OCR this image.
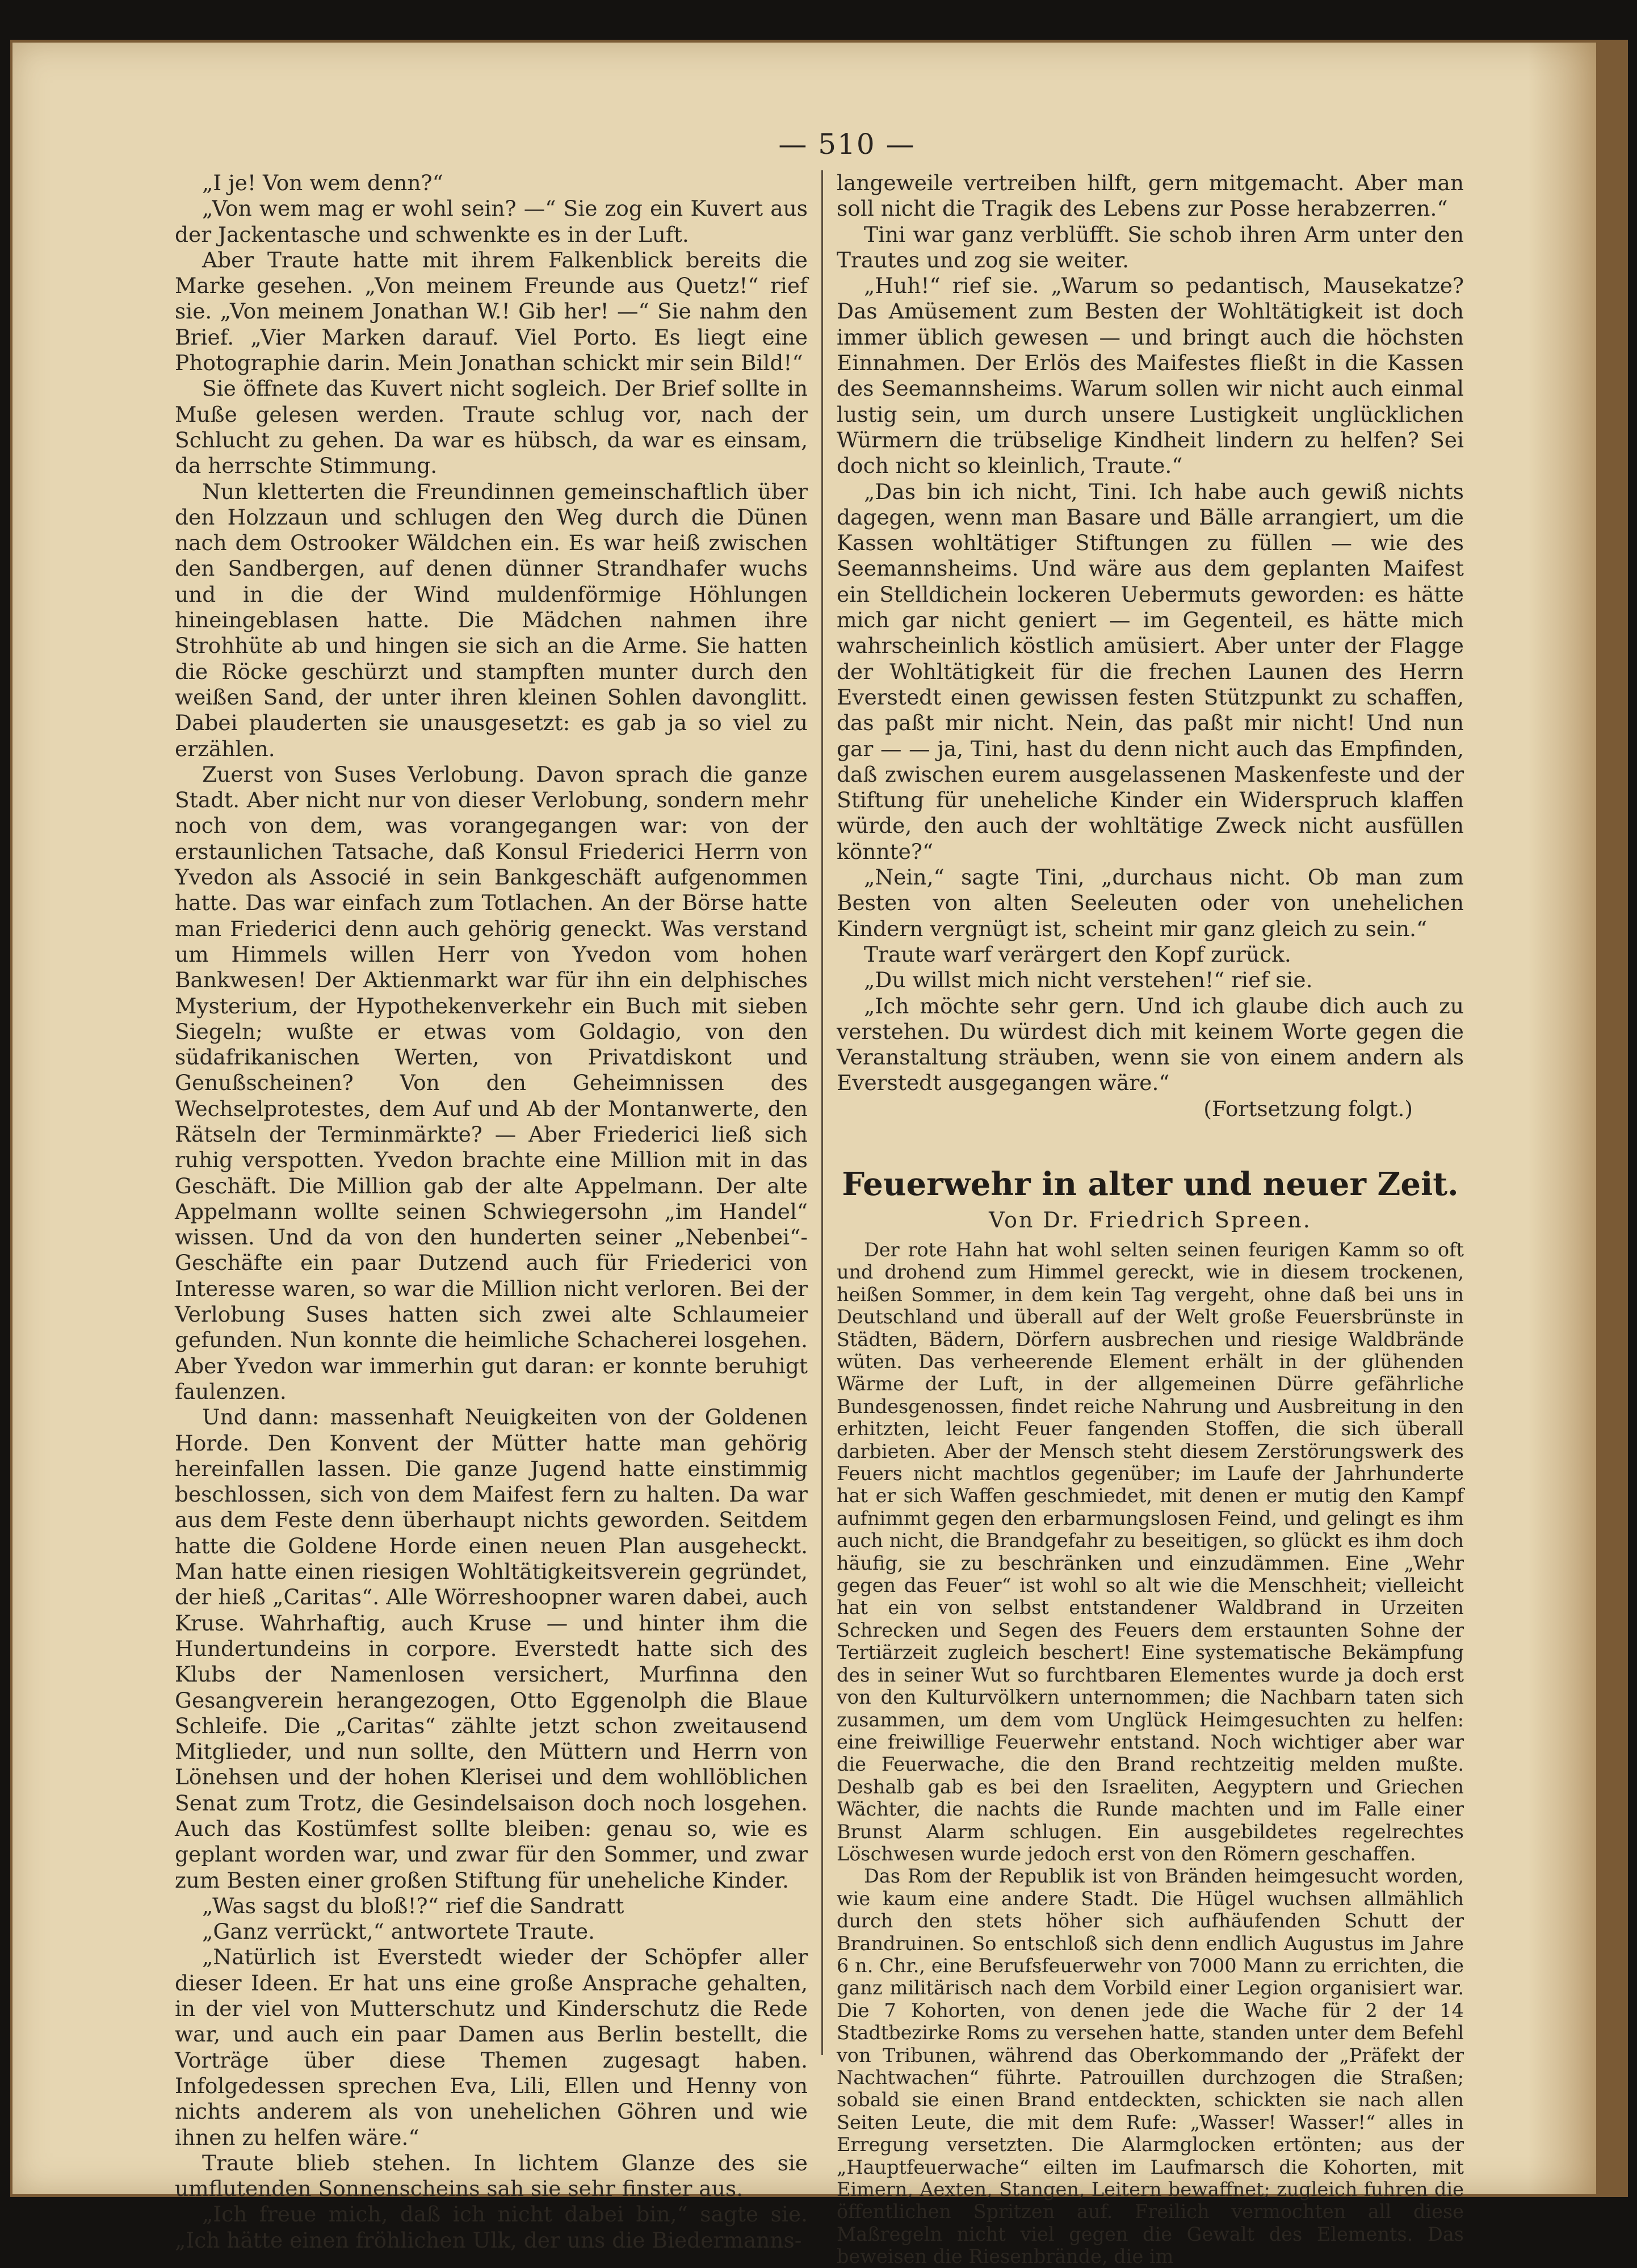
— 510 —

„I je! Von wem denn?“

„Von wem mag er wohl sein? —“ Sie zog ein Kuvert aus der Jackentasche und schwenkte es in der Luft.

Aber Traute hatte mit ihrem Falkenblick bereits die Marke gesehen. „Von meinem Freunde aus Quetz!“ rief sie. „Von meinem Jonathan W.! Gib her! —“ Sie nahm den Brief. „Vier Marken darauf. Viel Porto. Es liegt eine Photographie darin. Mein Jonathan schickt mir sein Bild!“

Sie öffnete das Kuvert nicht sogleich. Der Brief sollte in Muße gelesen werden. Traute schlug vor, nach der Schlucht zu gehen. Da war es hübsch, da war es einsam, da herrschte Stimmung.

Nun kletterten die Freundinnen gemeinschaftlich über den Holzzaun und schlugen den Weg durch die Dünen nach dem Ostrooker Wäldchen ein. Es war heiß zwischen den Sandbergen, auf denen dünner Strandhafer wuchs und in die der Wind muldenförmige Höhlungen hineingeblasen hatte. Die Mädchen nahmen ihre Strohhüte ab und hingen sie sich an die Arme. Sie hatten die Röcke geschürzt und stampften munter durch den weißen Sand, der unter ihren kleinen Sohlen davonglitt. Dabei plauderten sie unausgesetzt: es gab ja so viel zu erzählen.

Zuerst von Suses Verlobung. Davon sprach die ganze Stadt. Aber nicht nur von dieser Verlobung, sondern mehr noch von dem, was vorangegangen war: von der erstaunlichen Tatsache, daß Konsul Friederici Herrn von Yvedon als Associé in sein Bankgeschäft aufgenommen hatte. Das war einfach zum Totlachen. An der Börse hatte man Friederici denn auch gehörig geneckt. Was verstand um Himmels willen Herr von Yvedon vom hohen Bankwesen! Der Aktienmarkt war für ihn ein delphisches Mysterium, der Hypothekenverkehr ein Buch mit sieben Siegeln; wußte er etwas vom Goldagio, von den südafrikanischen Werten, von Privatdiskont und Genußscheinen? Von den Geheimnissen des Wechselprotestes, dem Auf und Ab der Montanwerte, den Rätseln der Terminmärkte? — Aber Friederici ließ sich ruhig verspotten. Yvedon brachte eine Million mit in das Geschäft. Die Million gab der alte Appelmann. Der alte Appelmann wollte seinen Schwiegersohn „im Handel“ wissen. Und da von den hunderten seiner „Nebenbei“-Geschäfte ein paar Dutzend auch für Friederici von Interesse waren, so war die Million nicht verloren. Bei der Verlobung Suses hatten sich zwei alte Schlaumeier gefunden. Nun konnte die heimliche Schacherei losgehen. Aber Yvedon war immerhin gut daran: er konnte beruhigt faulenzen.

Und dann: massenhaft Neuigkeiten von der Goldenen Horde. Den Konvent der Mütter hatte man gehörig hereinfallen lassen. Die ganze Jugend hatte einstimmig beschlossen, sich von dem Maifest fern zu halten. Da war aus dem Feste denn überhaupt nichts geworden. Seitdem hatte die Goldene Horde einen neuen Plan ausgeheckt. Man hatte einen riesigen Wohltätigkeitsverein gegründet, der hieß „Caritas“. Alle Wörreshoopner waren dabei, auch Kruse. Wahrhaftig, auch Kruse — und hinter ihm die Hundertundeins in corpore. Everstedt hatte sich des Klubs der Namenlosen versichert, Murfinna den Gesangverein herangezogen, Otto Eggenolph die Blaue Schleife. Die „Caritas“ zählte jetzt schon zweitausend Mitglieder, und nun sollte, den Müttern und Herrn von Lönehsen und der hohen Klerisei und dem wohllöblichen Senat zum Trotz, die Gesindelsaison doch noch losgehen. Auch das Kostümfest sollte bleiben: genau so, wie es geplant worden war, und zwar für den Sommer, und zwar zum Besten einer großen Stiftung für uneheliche Kinder.

„Was sagst du bloß!?“ rief die Sandratt

„Ganz verrückt,“ antwortete Traute.

„Natürlich ist Everstedt wieder der Schöpfer aller dieser Ideen. Er hat uns eine große Ansprache gehalten, in der viel von Mutterschutz und Kinderschutz die Rede war, und auch ein paar Damen aus Berlin bestellt, die Vorträge über diese Themen zugesagt haben. Infolgedessen sprechen Eva, Lili, Ellen und Henny von nichts anderem als von unehelichen Göhren und wie ihnen zu helfen wäre.“

Traute blieb stehen. In lichtem Glanze des sie umflutenden Sonnenscheins sah sie sehr finster aus.

„Ich freue mich, daß ich nicht dabei bin,“ sagte sie. „Ich hätte einen fröhlichen Ulk, der uns die Biedermanns-

langeweile vertreiben hilft, gern mitgemacht. Aber man soll nicht die Tragik des Lebens zur Posse herabzerren.“

Tini war ganz verblüfft. Sie schob ihren Arm unter den Trautes und zog sie weiter.

„Huh!“ rief sie. „Warum so pedantisch, Mausekatze? Das Amüsement zum Besten der Wohltätigkeit ist doch immer üblich gewesen — und bringt auch die höchsten Einnahmen. Der Erlös des Maifestes fließt in die Kassen des Seemannsheims. Warum sollen wir nicht auch einmal lustig sein, um durch unsere Lustigkeit unglücklichen Würmern die trübselige Kindheit lindern zu helfen? Sei doch nicht so kleinlich, Traute.“

„Das bin ich nicht, Tini. Ich habe auch gewiß nichts dagegen, wenn man Basare und Bälle arrangiert, um die Kassen wohltätiger Stiftungen zu füllen — wie des Seemannsheims. Und wäre aus dem geplanten Maifest ein Stelldichein lockeren Uebermuts geworden: es hätte mich gar nicht geniert — im Gegenteil, es hätte mich wahrscheinlich köstlich amüsiert. Aber unter der Flagge der Wohltätigkeit für die frechen Launen des Herrn Everstedt einen gewissen festen Stützpunkt zu schaffen, das paßt mir nicht. Nein, das paßt mir nicht! Und nun gar — — ja, Tini, hast du denn nicht auch das Empfinden, daß zwischen eurem ausgelassenen Maskenfeste und der Stiftung für uneheliche Kinder ein Widerspruch klaffen würde, den auch der wohltätige Zweck nicht ausfüllen könnte?“

„Nein,“ sagte Tini, „durchaus nicht. Ob man zum Besten von alten Seeleuten oder von unehelichen Kindern vergnügt ist, scheint mir ganz gleich zu sein.“

Traute warf verärgert den Kopf zurück.

„Du willst mich nicht verstehen!“ rief sie.

„Ich möchte sehr gern. Und ich glaube dich auch zu verstehen. Du würdest dich mit keinem Worte gegen die Veranstaltung sträuben, wenn sie von einem andern als Everstedt ausgegangen wäre.“

(Fortsetzung folgt.)

Feuerwehr in alter und neuer Zeit.
Von Dr. Friedrich Spreen.

Der rote Hahn hat wohl selten seinen feurigen Kamm so oft und drohend zum Himmel gereckt, wie in diesem trockenen, heißen Sommer, in dem kein Tag vergeht, ohne daß bei uns in Deutschland und überall auf der Welt große Feuersbrünste in Städten, Bädern, Dörfern ausbrechen und riesige Waldbrände wüten. Das verheerende Element erhält in der glühenden Wärme der Luft, in der allgemeinen Dürre gefährliche Bundesgenossen, findet reiche Nahrung und Ausbreitung in den erhitzten, leicht Feuer fangenden Stoffen, die sich überall darbieten. Aber der Mensch steht diesem Zerstörungswerk des Feuers nicht machtlos gegenüber; im Laufe der Jahrhunderte hat er sich Waffen geschmiedet, mit denen er mutig den Kampf aufnimmt gegen den erbarmungslosen Feind, und gelingt es ihm auch nicht, die Brandgefahr zu beseitigen, so glückt es ihm doch häufig, sie zu beschränken und einzudämmen. Eine „Wehr gegen das Feuer“ ist wohl so alt wie die Menschheit; vielleicht hat ein von selbst entstandener Waldbrand in Urzeiten Schrecken und Segen des Feuers dem erstaunten Sohne der Tertiärzeit zugleich beschert! Eine systematische Bekämpfung des in seiner Wut so furchtbaren Elementes wurde ja doch erst von den Kulturvölkern unternommen; die Nachbarn taten sich zusammen, um dem vom Unglück Heimgesuchten zu helfen: eine freiwillige Feuerwehr entstand. Noch wichtiger aber war die Feuerwache, die den Brand rechtzeitig melden mußte. Deshalb gab es bei den Israeliten, Aegyptern und Griechen Wächter, die nachts die Runde machten und im Falle einer Brunst Alarm schlugen. Ein ausgebildetes regelrechtes Löschwesen wurde jedoch erst von den Römern geschaffen.

Das Rom der Republik ist von Bränden heimgesucht worden, wie kaum eine andere Stadt. Die Hügel wuchsen allmählich durch den stets höher sich aufhäufenden Schutt der Brandruinen. So entschloß sich denn endlich Augustus im Jahre 6 n. Chr., eine Berufsfeuerwehr von 7000 Mann zu errichten, die ganz militärisch nach dem Vorbild einer Legion organisiert war. Die 7 Kohorten, von denen jede die Wache für 2 der 14 Stadtbezirke Roms zu versehen hatte, standen unter dem Befehl von Tribunen, während das Oberkommando der „Präfekt der Nachtwachen“ führte. Patrouillen durchzogen die Straßen; sobald sie einen Brand entdeckten, schickten sie nach allen Seiten Leute, die mit dem Rufe: „Wasser! Wasser!“ alles in Erregung versetzten. Die Alarmglocken ertönten; aus der „Hauptfeuerwache“ eilten im Laufmarsch die Kohorten, mit Eimern, Aexten, Stangen, Leitern bewaffnet; zugleich fuhren die öffentlichen Spritzen auf. Freilich vermochten all diese Maßregeln nicht viel gegen die Gewalt des Elements. Das beweisen die Riesenbrände, die im
